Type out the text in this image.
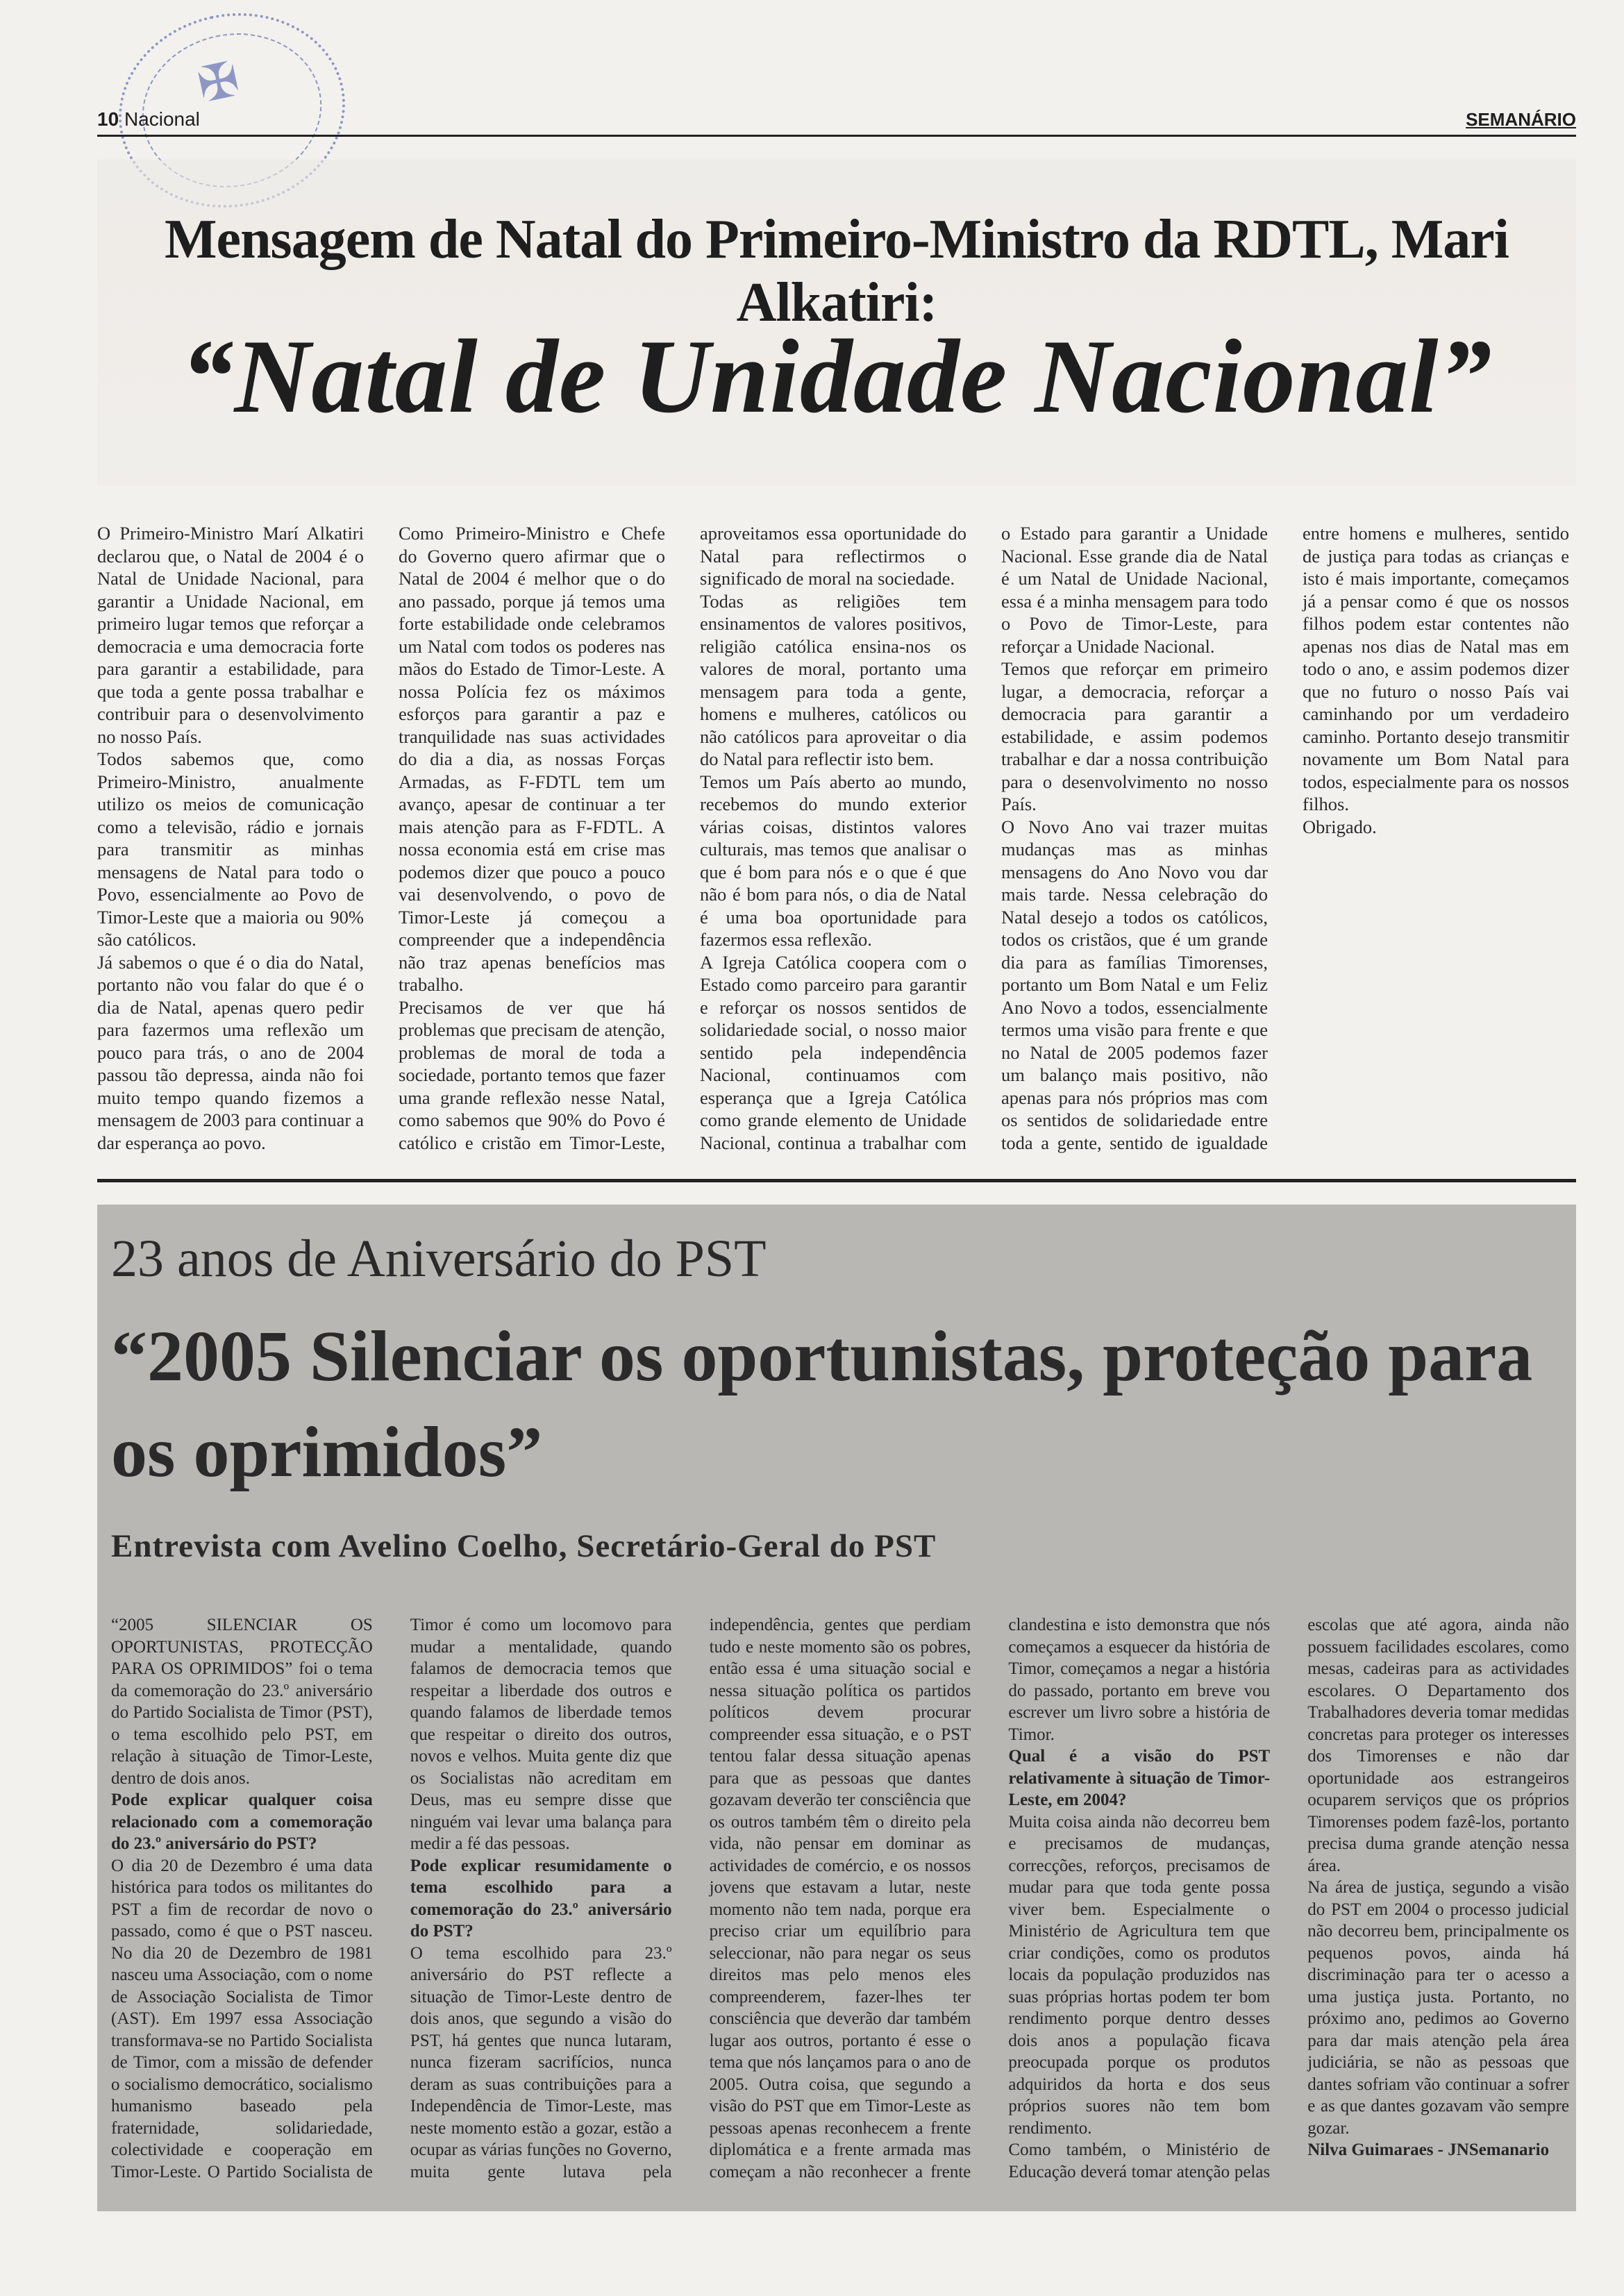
✠
10 Nacional	SEMANÁRIO
Mensagem de Natal do Primeiro-Ministro da RDTL, Mari Alkatiri:
“Natal de Unidade Nacional”

O Primeiro-Ministro Marí Alkatiri declarou que, o Natal de 2004 é o Natal de Unidade Nacional, para garantir a Unidade Nacional, em primeiro lugar temos que reforçar a democracia e uma democracia forte para garantir a estabilidade, para que toda a gente possa trabalhar e contribuir para o desenvolvimento no nosso País.

Todos sabemos que, como Primeiro-Ministro, anualmente utilizo os meios de comunicação como a televisão, rádio e jornais para transmitir as minhas mensagens de Natal para todo o Povo, essencialmente ao Povo de Timor-Leste que a maioria ou 90% são católicos.

Já sabemos o que é o dia do Natal, portanto não vou falar do que é o dia de Natal, apenas quero pedir para fazermos uma reflexão um pouco para trás, o ano de 2004 passou tão depressa, ainda não foi muito tempo quando fizemos a mensagem de 2003 para continuar a dar esperança ao povo.

Como Primeiro-Ministro e Chefe do Governo quero afirmar que o Natal de 2004 é melhor que o do ano passado, porque já temos uma forte estabilidade onde celebramos um Natal com todos os poderes nas mãos do Estado de Timor-Leste. A nossa Polícia fez os máximos esforços para garantir a paz e tranquilidade nas suas actividades do dia a dia, as nossas Forças Armadas, as F-FDTL tem um avanço, apesar de continuar a ter mais atenção para as F-FDTL. A nossa economia está em crise mas podemos dizer que pouco a pouco vai desenvolvendo, o povo de Timor-Leste já começou a compreender que a independência não traz apenas benefícios mas trabalho.

Precisamos de ver que há problemas que precisam de atenção, problemas de moral de toda a sociedade, portanto temos que fazer uma grande reflexão nesse Natal, como sabemos que 90% do Povo é católico e cristão em Timor-Leste, aproveitamos essa oportunidade do Natal para reflectirmos o significado de moral na sociedade.

Todas as religiões tem ensinamentos de valores positivos, religião católica ensina-nos os valores de moral, portanto uma mensagem para toda a gente, homens e mulheres, católicos ou não católicos para aproveitar o dia do Natal para reflectir isto bem.

Temos um País aberto ao mundo, recebemos do mundo exterior várias coisas, distintos valores culturais, mas temos que analisar o que é bom para nós e o que é que não é bom para nós, o dia de Natal é uma boa oportunidade para fazermos essa reflexão.

A Igreja Católica coopera com o Estado como parceiro para garantir e reforçar os nossos sentidos de solidariedade social, o nosso maior sentido pela independência Nacional, continuamos com esperança que a Igreja Católica como grande elemento de Unidade Nacional, continua a trabalhar com o Estado para garantir a Unidade Nacional. Esse grande dia de Natal é um Natal de Unidade Nacional, essa é a minha mensagem para todo o Povo de Timor-Leste, para reforçar a Unidade Nacional.

Temos que reforçar em primeiro lugar, a democracia, reforçar a democracia para garantir a estabilidade, e assim podemos trabalhar e dar a nossa contribuição para o desenvolvimento no nosso País.

O Novo Ano vai trazer muitas mudanças mas as minhas mensagens do Ano Novo vou dar mais tarde. Nessa celebração do Natal desejo a todos os católicos, todos os cristãos, que é um grande dia para as famílias Timorenses, portanto um Bom Natal e um Feliz Ano Novo a todos, essencialmente termos uma visão para frente e que no Natal de 2005 podemos fazer um balanço mais positivo, não apenas para nós próprios mas com os sentidos de solidariedade entre toda a gente, sentido de igualdade entre homens e mulheres, sentido de justiça para todas as crianças e isto é mais importante, começamos já a pensar como é que os nossos filhos podem estar contentes não apenas nos dias de Natal mas em todo o ano, e assim podemos dizer que no futuro o nosso País vai caminhando por um verdadeiro caminho. Portanto desejo transmitir novamente um Bom Natal para todos, especialmente para os nossos filhos.

Obrigado.

23 anos de Aniversário do PST
“2005 Silenciar os oportunistas, proteção para os oprimidos”
Entrevista com Avelino Coelho, Secretário-Geral do PST

“2005 SILENCIAR OS OPORTUNISTAS, PROTECÇÃO PARA OS OPRIMIDOS” foi o tema da comemoração do 23.º aniversário do Partido Socialista de Timor (PST), o tema escolhido pelo PST, em relação à situação de Timor-Leste, dentro de dois anos.

Pode explicar qualquer coisa relacionado com a comemoração do 23.º aniversário do PST?

O dia 20 de Dezembro é uma data histórica para todos os militantes do PST a fim de recordar de novo o passado, como é que o PST nasceu. No dia 20 de Dezembro de 1981 nasceu uma Associação, com o nome de Associação Socialista de Timor (AST). Em 1997 essa Associação transformava-se no Partido Socialista de Timor, com a missão de defender o socialismo democrático, socialismo humanismo baseado pela fraternidade, solidariedade, colectividade e cooperação em Timor-Leste. O Partido Socialista de Timor é como um locomovo para mudar a mentalidade, quando falamos de democracia temos que respeitar a liberdade dos outros e quando falamos de liberdade temos que respeitar o direito dos outros, novos e velhos. Muita gente diz que os Socialistas não acreditam em Deus, mas eu sempre disse que ninguém vai levar uma balança para medir a fé das pessoas.

Pode explicar resumidamente o tema escolhido para a comemoração do 23.º aniversário do PST?

O tema escolhido para 23.º aniversário do PST reflecte a situação de Timor-Leste dentro de dois anos, que segundo a visão do PST, há gentes que nunca lutaram, nunca fizeram sacrifícios, nunca deram as suas contribuições para a Independência de Timor-Leste, mas neste momento estão a gozar, estão a ocupar as várias funções no Governo, muita gente lutava pela independência, gentes que perdiam tudo e neste momento são os pobres, então essa é uma situação social e nessa situação política os partidos políticos devem procurar compreender essa situação, e o PST tentou falar dessa situação apenas para que as pessoas que dantes gozavam deverão ter consciência que os outros também têm o direito pela vida, não pensar em dominar as actividades de comércio, e os nossos jovens que estavam a lutar, neste momento não tem nada, porque era preciso criar um equilíbrio para seleccionar, não para negar os seus direitos mas pelo menos eles compreenderem, fazer-lhes ter consciência que deverão dar também lugar aos outros, portanto é esse o tema que nós lançamos para o ano de 2005. Outra coisa, que segundo a visão do PST que em Timor-Leste as pessoas apenas reconhecem a frente diplomática e a frente armada mas começam a não reconhecer a frente clandestina e isto demonstra que nós começamos a esquecer da história de Timor, começamos a negar a história do passado, portanto em breve vou escrever um livro sobre a história de Timor.

Qual é a visão do PST relativamente à situação de Timor-Leste, em 2004?

Muita coisa ainda não decorreu bem e precisamos de mudanças, correcções, reforços, precisamos de mudar para que toda gente possa viver bem. Especialmente o Ministério de Agricultura tem que criar condições, como os produtos locais da população produzidos nas suas próprias hortas podem ter bom rendimento porque dentro desses dois anos a população ficava preocupada porque os produtos adquiridos da horta e dos seus próprios suores não tem bom rendimento.

Como também, o Ministério de Educação deverá tomar atenção pelas escolas que até agora, ainda não possuem facilidades escolares, como mesas, cadeiras para as actividades escolares. O Departamento dos Trabalhadores deveria tomar medidas concretas para proteger os interesses dos Timorenses e não dar oportunidade aos estrangeiros ocuparem serviços que os próprios Timorenses podem fazê-los, portanto precisa duma grande atenção nessa área.

Na área de justiça, segundo a visão do PST em 2004 o processo judicial não decorreu bem, principalmente os pequenos povos, ainda há discriminação para ter o acesso a uma justiça justa. Portanto, no próximo ano, pedimos ao Governo para dar mais atenção pela área judiciária, se não as pessoas que dantes sofriam vão continuar a sofrer e as que dantes gozavam vão sempre gozar.

Nilva Guimaraes - JNSemanario
